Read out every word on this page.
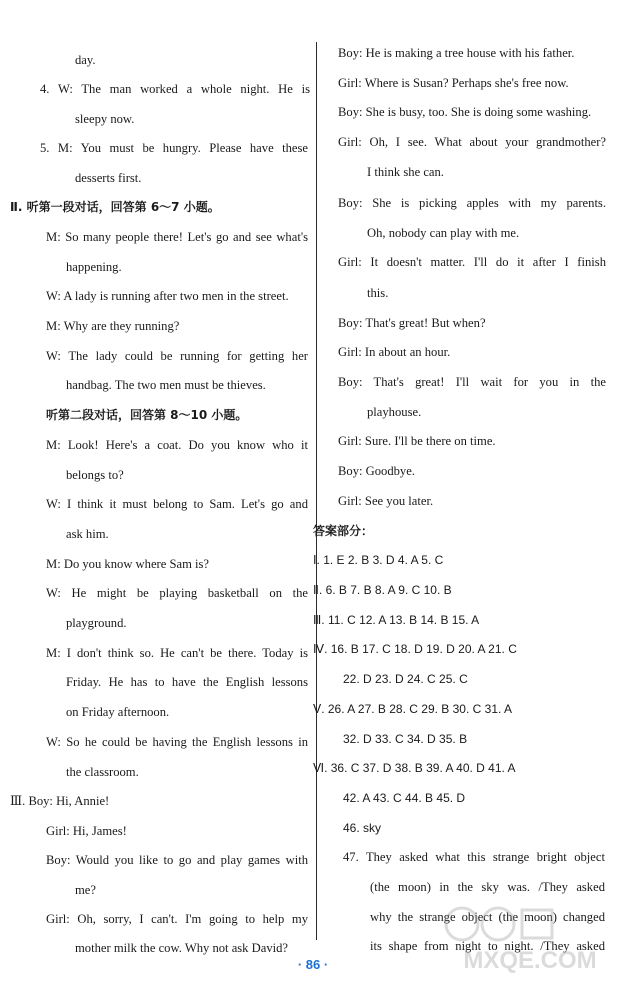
day.
4. W: The man worked a whole night. He is
sleepy now.
5. M: You must be hungry. Please have these
desserts first.
Ⅱ. 听第一段对话，回答第 6～7 小题。
M: So many people there! Let's go and see what's
happening.
W: A lady is running after two men in the street.
M: Why are they running?
W: The lady could be running for getting her
handbag. The two men must be thieves.
听第二段对话，回答第 8～10 小题。
M: Look! Here's a coat. Do you know who it
belongs to?
W: I think it must belong to Sam. Let's go and
ask him.
M: Do you know where Sam is?
W: He might be playing basketball on the
playground.
M: I don't think so. He can't be there. Today is
Friday. He has to have the English lessons
on Friday afternoon.
W: So he could be having the English lessons in
the classroom.
Ⅲ. Boy: Hi, Annie!
Girl: Hi, James!
Boy: Would you like to go and play games with
me?
Girl: Oh, sorry, I can't. I'm going to help my
mother milk the cow. Why not ask David?
Boy: He is making a tree house with his father.
Girl: Where is Susan? Perhaps she's free now.
Boy: She is busy, too. She is doing some washing.
Girl: Oh, I see. What about your grandmother?
I think she can.
Boy: She is picking apples with my parents.
Oh, nobody can play with me.
Girl: It doesn't matter. I'll do it after I finish
this.
Boy: That's great! But when?
Girl: In about an hour.
Boy: That's great! I'll wait for you in the
playhouse.
Girl: Sure. I'll be there on time.
Boy: Goodbye.
Girl: See you later.
答案部分：
Ⅰ. 1. E 2. B 3. D 4. A 5. C
Ⅱ. 6. B 7. B 8. A 9. C 10. B
Ⅲ. 11. C 12. A 13. B 14. B 15. A
Ⅳ. 16. B 17. C 18. D 19. D 20. A 21. C
22. D 23. D 24. C 25. C
Ⅴ. 26. A 27. B 28. C 29. B 30. C 31. A
32. D 33. C 34. D 35. B
Ⅵ. 36. C 37. D 38. B 39. A 40. D 41. A
42. A 43. C 44. B 45. D
46. sky
47. They asked what this strange bright object
(the moon) in the sky was. /They asked
why the strange object (the moon) changed
its shape from night to night. /They asked
· 86 ·	MXQE.COM
